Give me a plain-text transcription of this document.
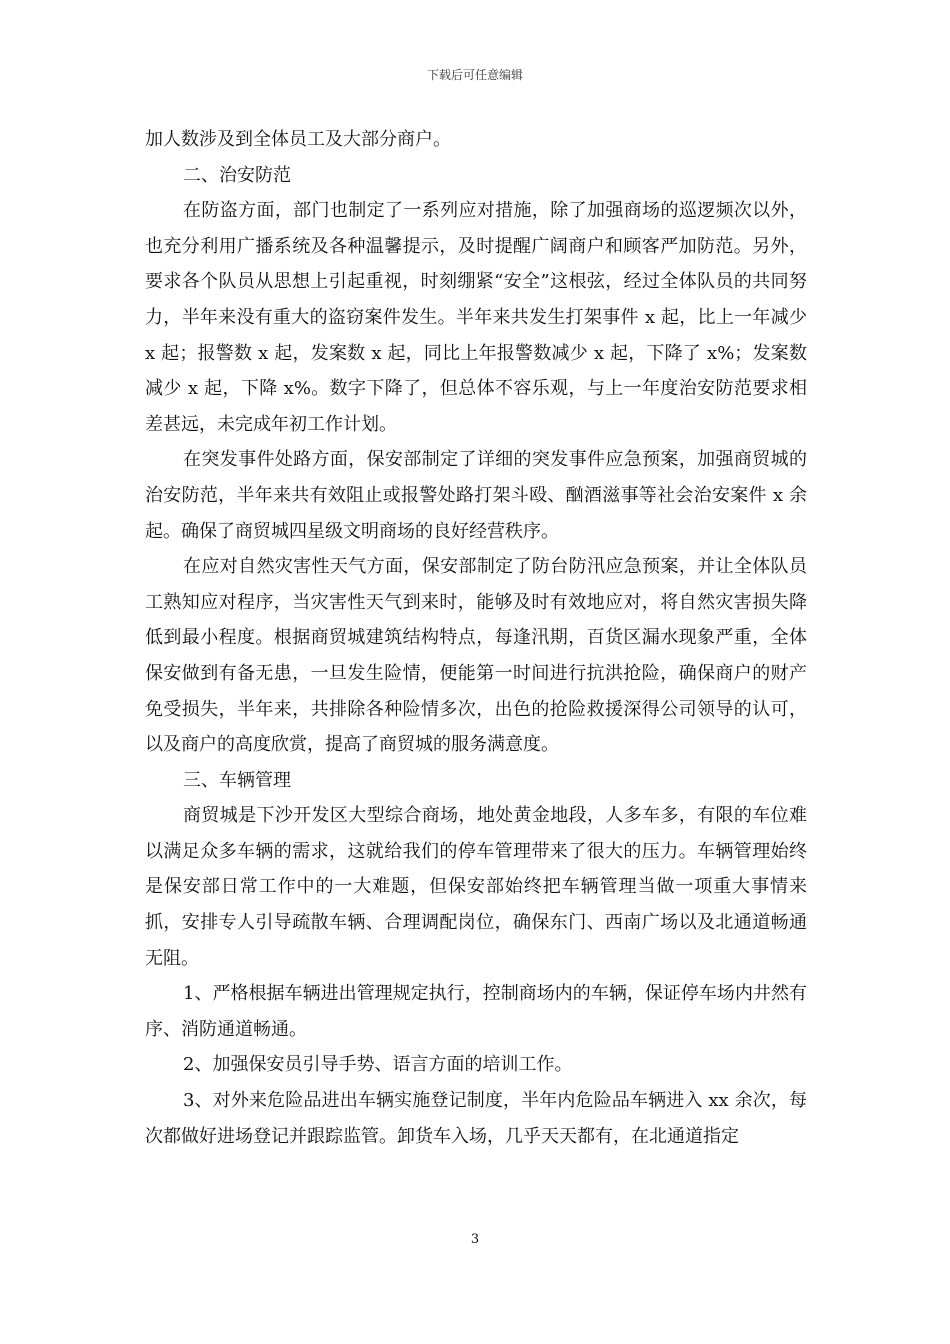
下载后可任意编辑

加人数涉及到全体员工及大部分商户。

二、治安防范

在防盗方面，部门也制定了一系列应对措施，除了加强商场的巡逻频次以外，也充分利用广播系统及各种温馨提示，及时提醒广阔商户和顾客严加防范。另外，要求各个队员从思想上引起重视，时刻绷紧“安全”这根弦，经过全体队员的共同努力，半年来没有重大的盗窃案件发生。半年来共发生打架事件 x 起，比上一年减少 x 起；报警数 x 起，发案数 x 起，同比上年报警数减少 x 起，下降了 x%；发案数减少 x 起，下降 x%。数字下降了，但总体不容乐观，与上一年度治安防范要求相差甚远，未完成年初工作计划。

在突发事件处路方面，保安部制定了详细的突发事件应急预案，加强商贸城的治安防范，半年来共有效阻止或报警处路打架斗殴、酗酒滋事等社会治安案件 x 余起。确保了商贸城四星级文明商场的良好经营秩序。

在应对自然灾害性天气方面，保安部制定了防台防汛应急预案，并让全体队员工熟知应对程序，当灾害性天气到来时，能够及时有效地应对，将自然灾害损失降低到最小程度。根据商贸城建筑结构特点，每逢汛期，百货区漏水现象严重，全体保安做到有备无患，一旦发生险情，便能第一时间进行抗洪抢险，确保商户的财产免受损失，半年来，共排除各种险情多次，出色的抢险救援深得公司领导的认可，以及商户的高度欣赏，提高了商贸城的服务满意度。

三、车辆管理

商贸城是下沙开发区大型综合商场，地处黄金地段，人多车多，有限的车位难以满足众多车辆的需求，这就给我们的停车管理带来了很大的压力。车辆管理始终是保安部日常工作中的一大难题，但保安部始终把车辆管理当做一项重大事情来抓，安排专人引导疏散车辆、合理调配岗位，确保东门、西南广场以及北通道畅通无阻。

1、严格根据车辆进出管理规定执行，控制商场内的车辆，保证停车场内井然有序、消防通道畅通。

2、加强保安员引导手势、语言方面的培训工作。

3、对外来危险品进出车辆实施登记制度，半年内危险品车辆进入 xx 余次，每次都做好进场登记并跟踪监管。卸货车入场，几乎天天都有，在北通道指定

3
